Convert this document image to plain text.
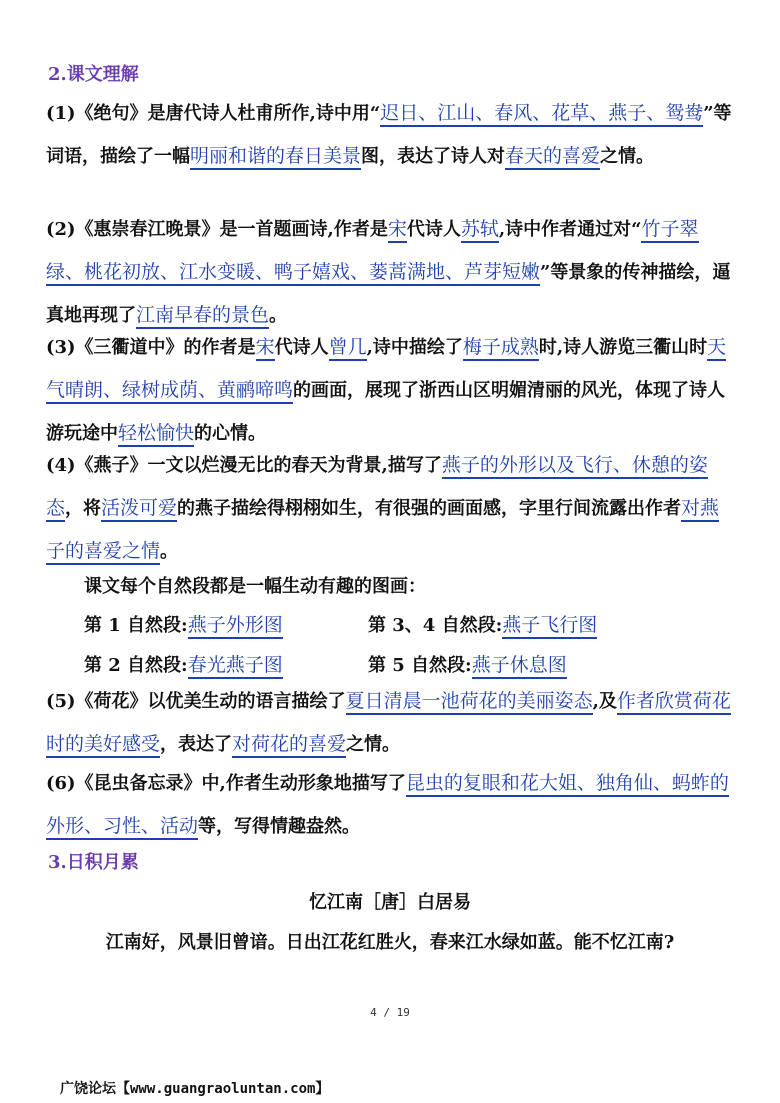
2.课文理解
(1)《绝句》是唐代诗人杜甫所作,诗中用“迟日、江山、春风、花草、燕子、鸳鸯”等词语，描绘了一幅明丽和谐的春日美景图，表达了诗人对春天的喜爱之情。
(2)《惠崇春江晚景》是一首题画诗,作者是宋代诗人苏轼,诗中作者通过对“竹子翠绿、桃花初放、江水变暖、鸭子嬉戏、蒌蒿满地、芦芽短嫩”等景象的传神描绘，逼真地再现了江南早春的景色。
(3)《三衢道中》的作者是宋代诗人曾几,诗中描绘了梅子成熟时,诗人游览三衢山时天气晴朗、绿树成荫、黄鹂啼鸣的画面，展现了浙西山区明媚清丽的风光，体现了诗人游玩途中轻松愉快的心情。
(4)《燕子》一文以烂漫无比的春天为背景,描写了燕子的外形以及飞行、休憩的姿态，将活泼可爱的燕子描绘得栩栩如生，有很强的画面感，字里行间流露出作者对燕子的喜爱之情。
课文每个自然段都是一幅生动有趣的图画：
第 1 自然段:燕子外形图	第 3、4 自然段:燕子飞行图
第 2 自然段:春光燕子图	第 5 自然段:燕子休息图
(5)《荷花》以优美生动的语言描绘了夏日清晨一池荷花的美丽姿态,及作者欣赏荷花时的美好感受，表达了对荷花的喜爱之情。
(6)《昆虫备忘录》中,作者生动形象地描写了昆虫的复眼和花大姐、独角仙、蚂蚱的外形、习性、活动等，写得情趣盎然。
3.日积月累
忆江南［唐］白居易
江南好，风景旧曾谙。日出江花红胜火，春来江水绿如蓝。能不忆江南?
4 / 19
广饶论坛【www.guangraoluntan.com】
